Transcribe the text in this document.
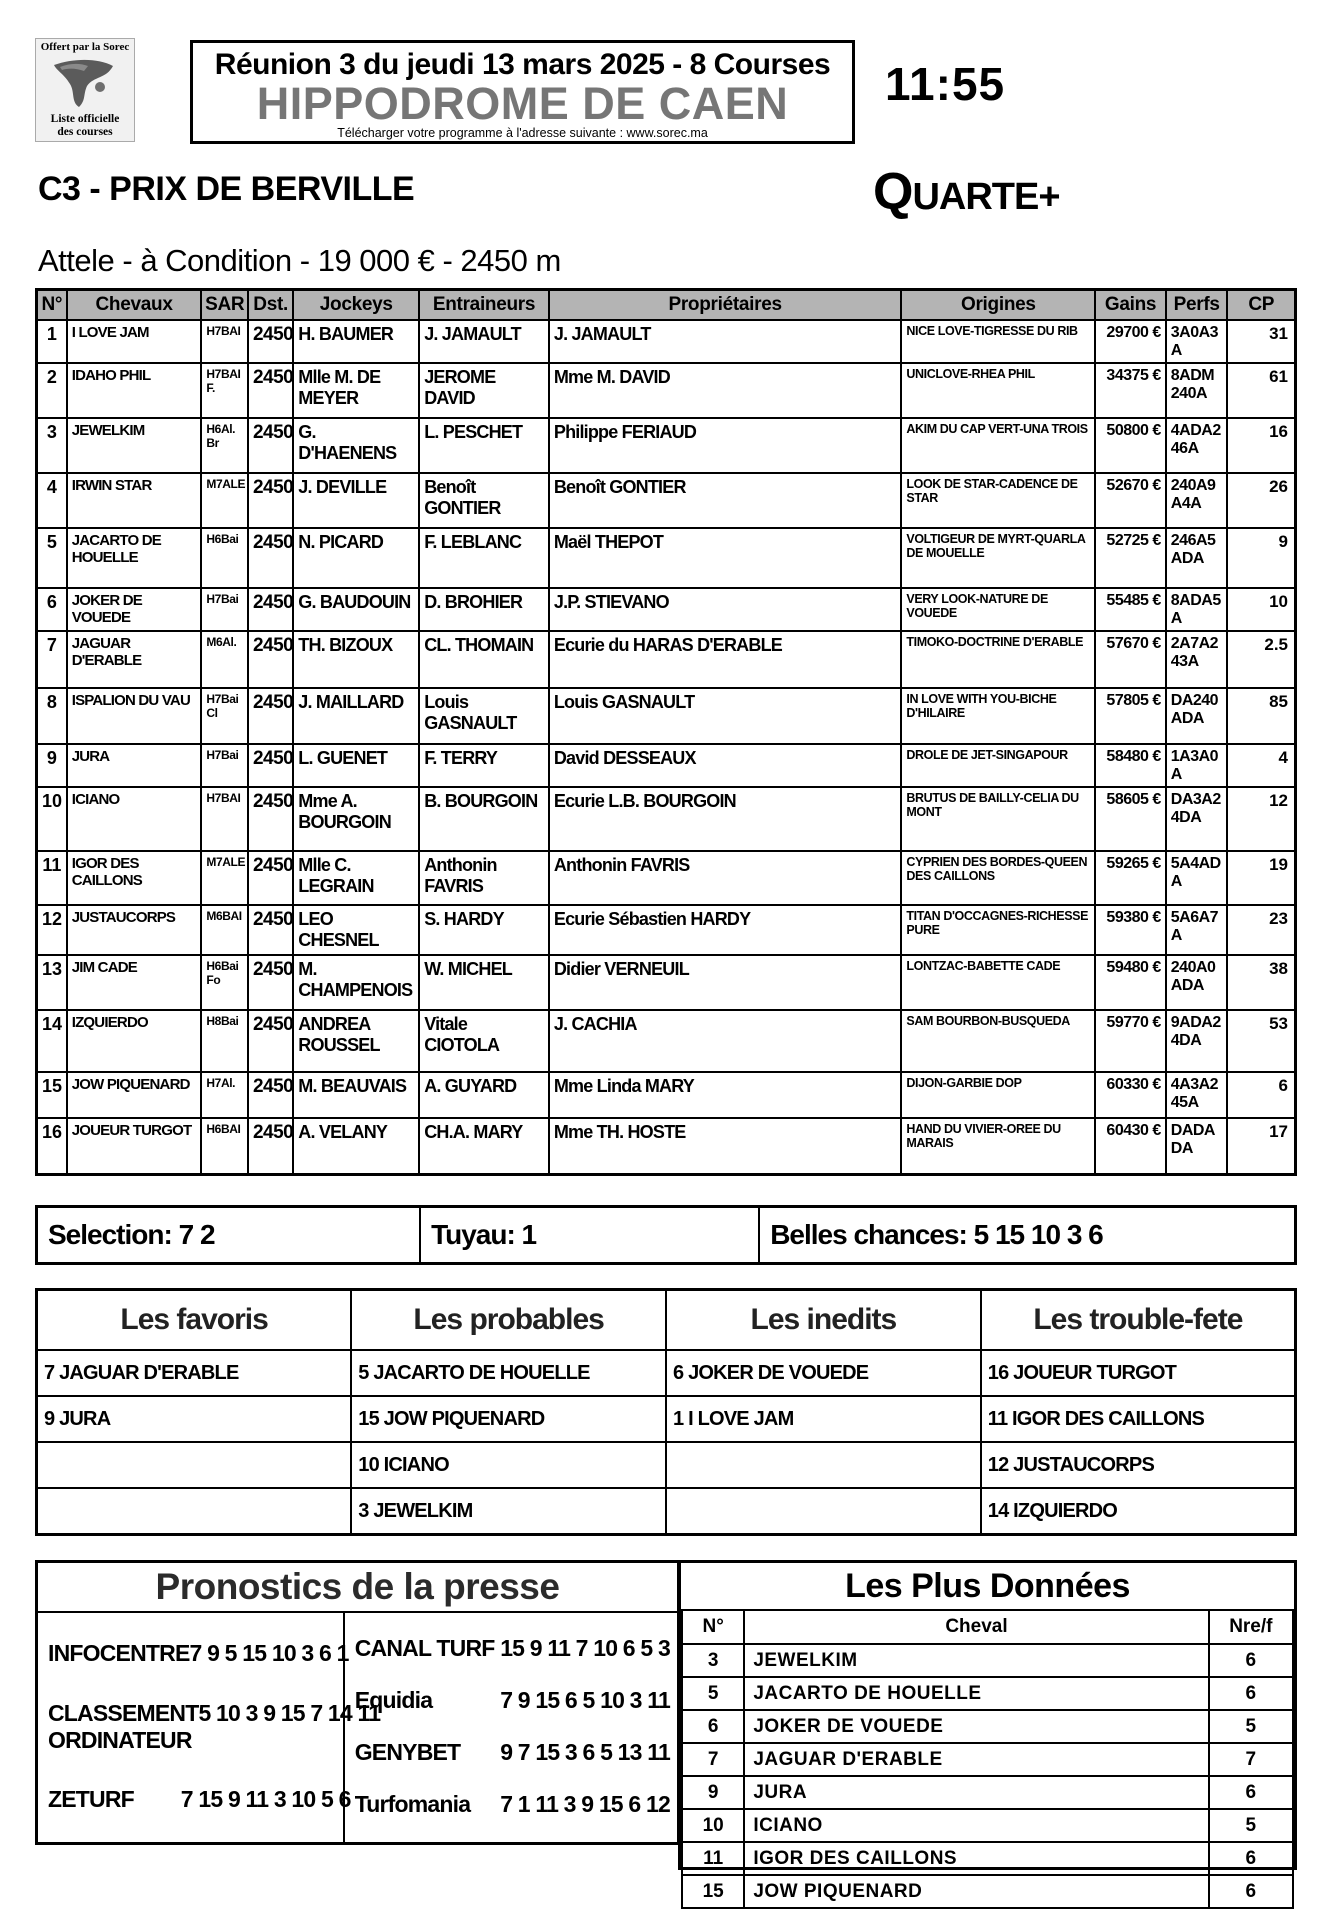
Offert par la Sorec
Liste officielle
des courses
Réunion 3 du jeudi 13 mars 2025 - 8 Courses
HIPPODROME DE CAEN
Télécharger votre programme à l'adresse suivante : www.sorec.ma
11:55
C3 - PRIX DE BERVILLE	QUARTE+
Attele - à Condition - 19 000 € - 2450 m
N°	Chevaux	SAR	Dst.	Jockeys	Entraineurs	Propriétaires	Origines	Gains	Perfs	CP
1	I LOVE JAM	H7BAI	2450	H. BAUMER	J. JAMAULT	J. JAMAULT	NICE LOVE-TIGRESSE DU RIB	29700 €	3A0A3A	31
2	IDAHO PHIL	H7BAI F.	2450	Mlle M. DE MEYER	JEROME DAVID	Mme M. DAVID	UNICLOVE-RHEA PHIL	34375 €	8ADM240A	61
3	JEWELKIM	H6Al. Br	2450	G. D'HAENENS	L. PESCHET	Philippe FERIAUD	AKIM DU CAP VERT-UNA TROIS	50800 €	4ADA246A	16
4	IRWIN STAR	M7ALE	2450	J. DEVILLE	Benoît GONTIER	Benoît GONTIER	LOOK DE STAR-CADENCE DE STAR	52670 €	240A9A4A	26
5	JACARTO DE HOUELLE	H6Bai	2450	N. PICARD	F. LEBLANC	Maël THEPOT	VOLTIGEUR DE MYRT-QUARLA DE MOUELLE	52725 €	246A5ADA	9
6	JOKER DE VOUEDE	H7Bai	2450	G. BAUDOUIN	D. BROHIER	J.P. STIEVANO	VERY LOOK-NATURE DE VOUEDE	55485 €	8ADA5A	10
7	JAGUAR D'ERABLE	M6Al.	2450	TH. BIZOUX	CL. THOMAIN	Ecurie du HARAS D'ERABLE	TIMOKO-DOCTRINE D'ERABLE	57670 €	2A7A243A	2.5
8	ISPALION DU VAU	H7Bai Cl	2450	J. MAILLARD	Louis GASNAULT	Louis GASNAULT	IN LOVE WITH YOU-BICHE D'HILAIRE	57805 €	DA240ADA	85
9	JURA	H7Bai	2450	L. GUENET	F. TERRY	David DESSEAUX	DROLE DE JET-SINGAPOUR	58480 €	1A3A0A	4
10	ICIANO	H7BAI	2450	Mme A. BOURGOIN	B. BOURGOIN	Ecurie L.B. BOURGOIN	BRUTUS DE BAILLY-CELIA DU MONT	58605 €	DA3A24DA	12
11	IGOR DES CAILLONS	M7ALE	2450	Mlle C. LEGRAIN	Anthonin FAVRIS	Anthonin FAVRIS	CYPRIEN DES BORDES-QUEEN DES CAILLONS	59265 €	5A4ADA	19
12	JUSTAUCORPS	M6BAI	2450	LEO CHESNEL	S. HARDY	Ecurie Sébastien HARDY	TITAN D'OCCAGNES-RICHESSE PURE	59380 €	5A6A7A	23
13	JIM CADE	H6Bai Fo	2450	M. CHAMPENOIS	W. MICHEL	Didier VERNEUIL	LONTZAC-BABETTE CADE	59480 €	240A0ADA	38
14	IZQUIERDO	H8Bai	2450	ANDREA ROUSSEL	Vitale CIOTOLA	J. CACHIA	SAM BOURBON-BUSQUEDA	59770 €	9ADA24DA	53
15	JOW PIQUENARD	H7Al.	2450	M. BEAUVAIS	A. GUYARD	Mme Linda MARY	DIJON-GARBIE DOP	60330 €	4A3A245A	6
16	JOUEUR TURGOT	H6BAI	2450	A. VELANY	CH.A. MARY	Mme TH. HOSTE	HAND DU VIVIER-OREE DU MARAIS	60430 €	DADADA	17
Selection: 7 2	Tuyau: 1	Belles chances: 5 15 10 3 6
Les favoris	Les probables	Les inedits	Les trouble-fete
7 JAGUAR D'ERABLE	5 JACARTO DE HOUELLE	6 JOKER DE VOUEDE	16 JOUEUR TURGOT
9 JURA	15 JOW PIQUENARD	1 I LOVE JAM	11 IGOR DES CAILLONS
	10 ICIANO		12 JUSTAUCORPS
	3 JEWELKIM		14 IZQUIERDO
Pronostics de la presse
INFOCENTRE 7 9 5 15 10 3 6 1
CLASSEMENT ORDINATEUR
5 10 3 9 15 7 14 11
ZETURF	7 15 9 11 3 10 5 6
CANAL TURF 15 9 11 7 10 6 5 3
Equidia	7 9 15 6 5 10 3 11
GENYBET	9 7 15 3 6 5 13 11
Turfomania	7 1 11 3 9 15 6 12
Les Plus Données
N°	Cheval	Nre/f
3	JEWELKIM	6
5	JACARTO DE HOUELLE	6
6	JOKER DE VOUEDE	5
7	JAGUAR D'ERABLE	7
9	JURA	6
10	ICIANO	5
11	IGOR DES CAILLONS	6
15	JOW PIQUENARD	6
